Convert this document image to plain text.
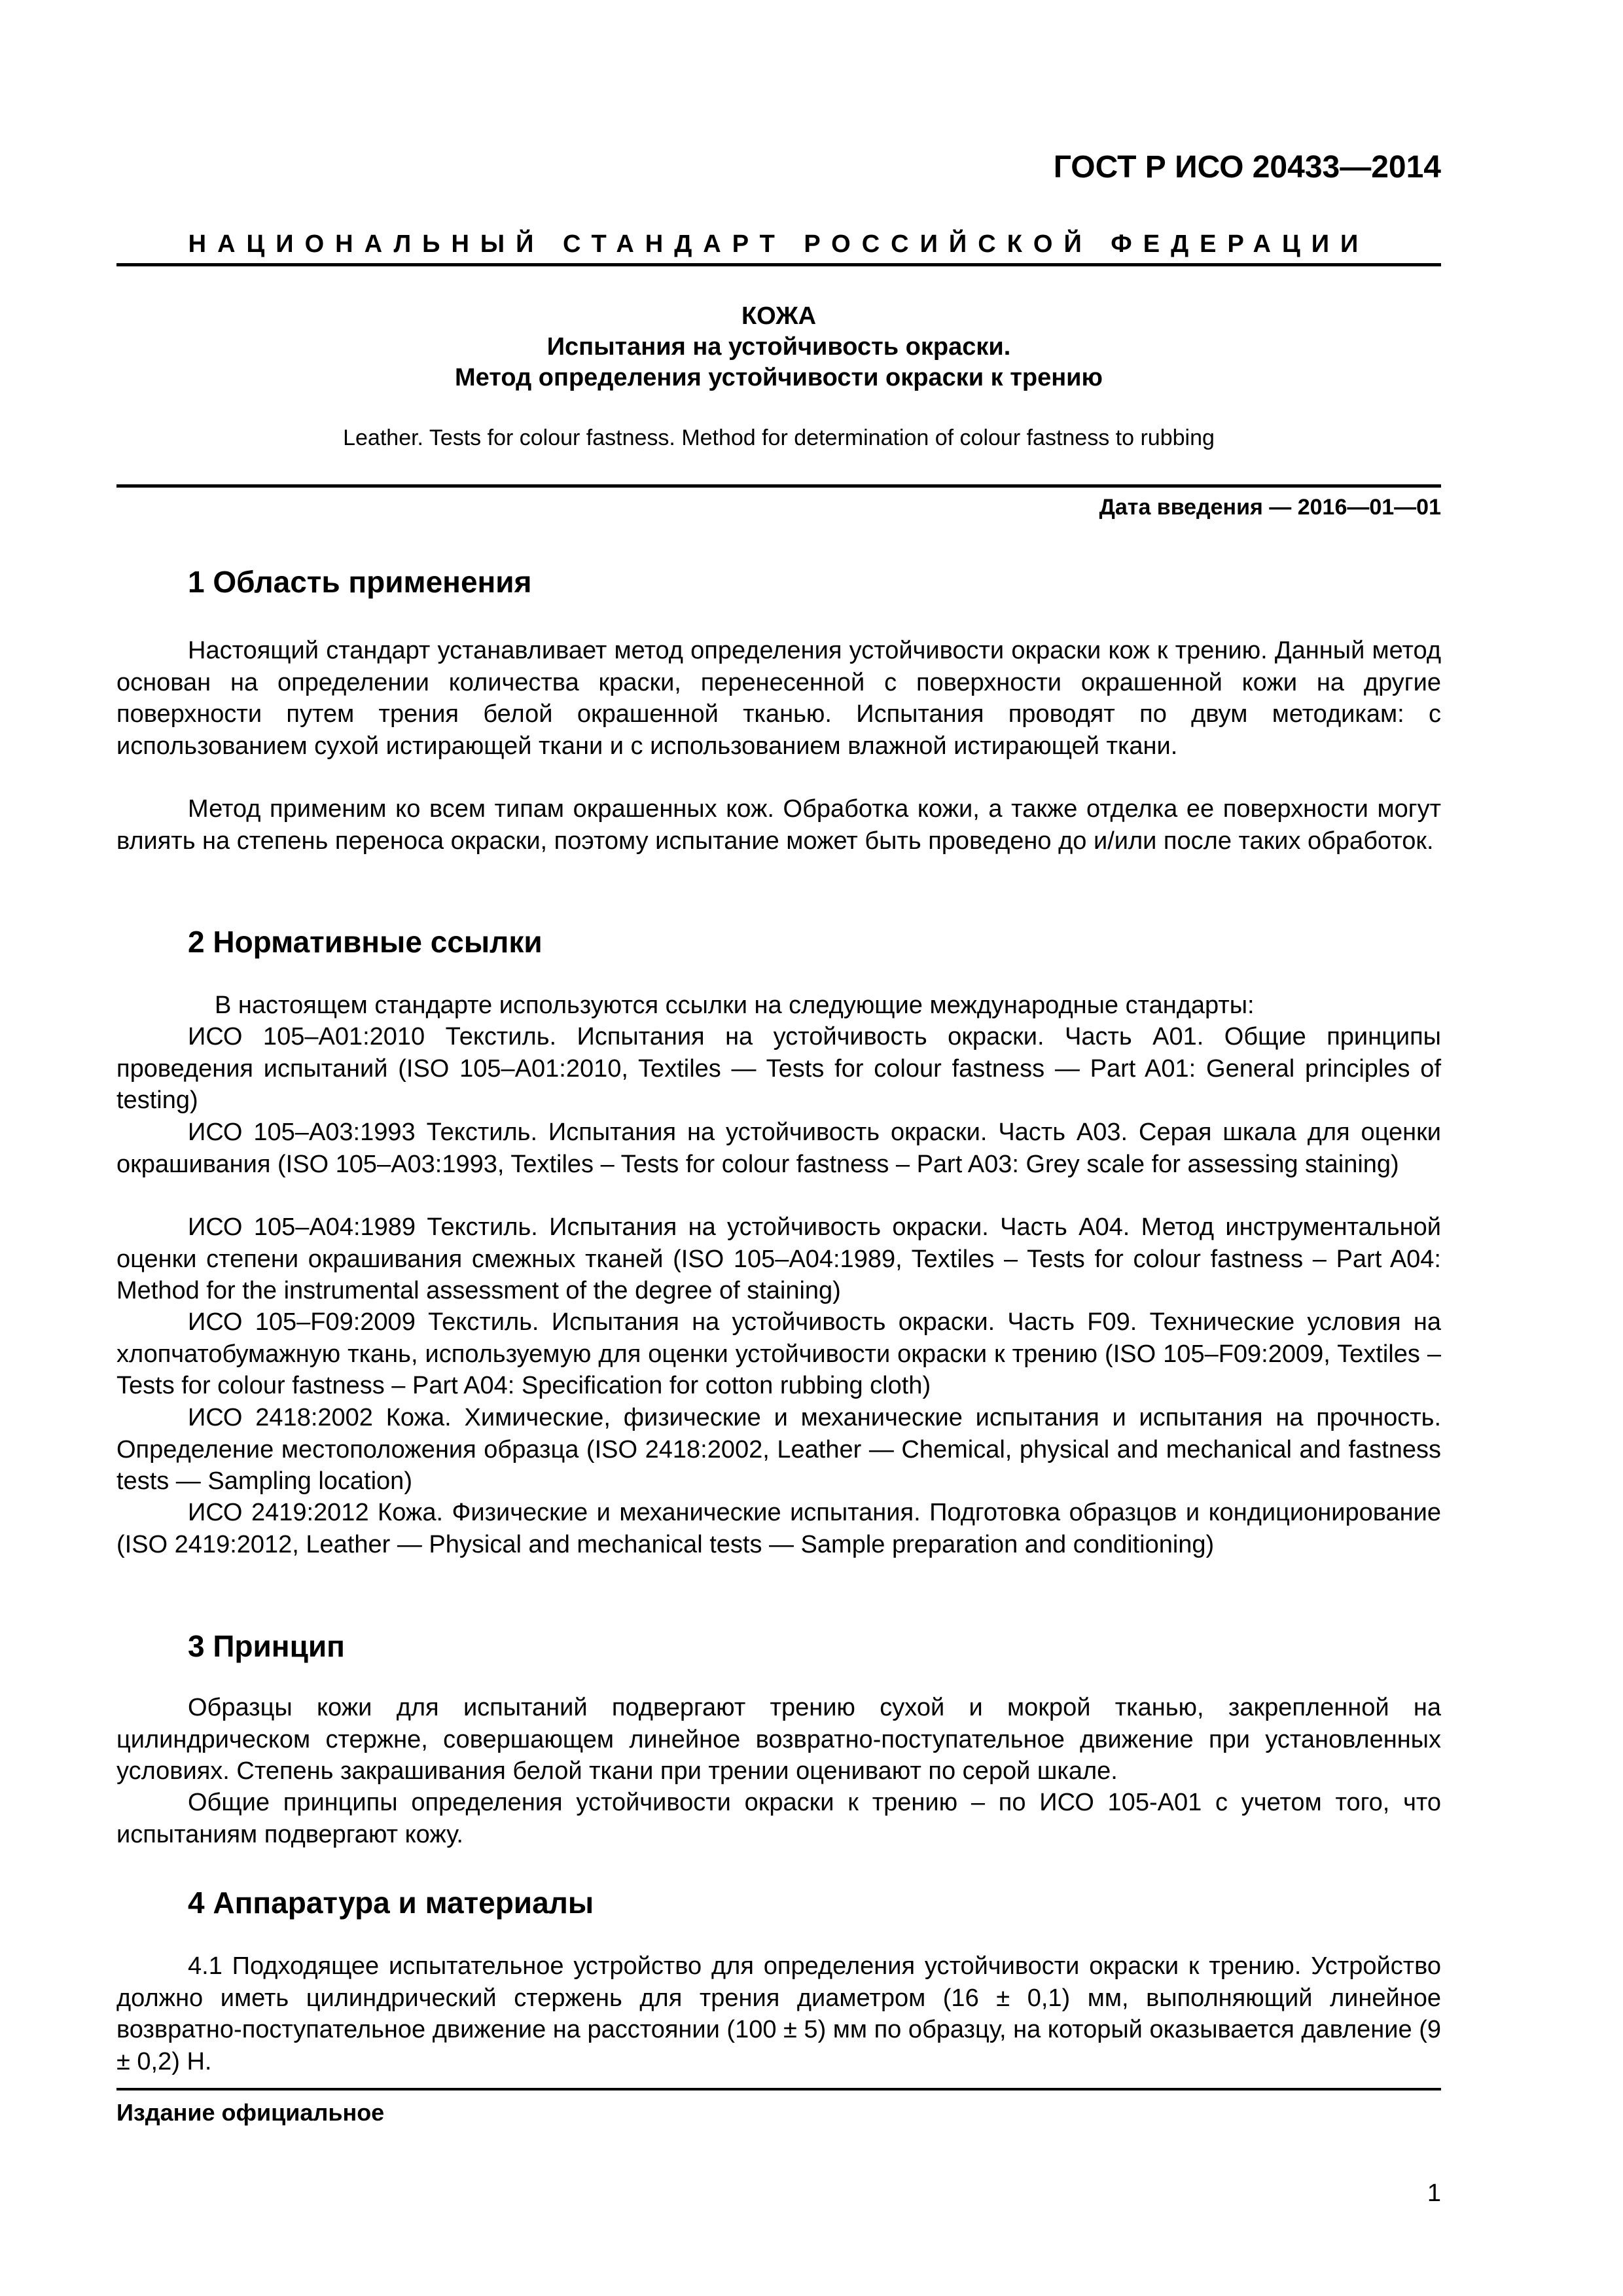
ГОСТ Р ИСО 20433—2014
НАЦИОНАЛЬНЫЙ СТАНДАРТ РОССИЙСКОЙ ФЕДЕРАЦИИ
КОЖА
Испытания на устойчивость окраски.
Метод определения устойчивости окраски к трению
Leather. Tests for colour fastness. Method for determination of colour fastness to rubbing
Дата введения — 2016—01—01
1 Область применения

Настоящий стандарт устанавливает метод определения устойчивости окраски кож к трению. Данный метод основан на определении количества краски, перенесенной с поверхности окрашенной кожи на другие поверхности путем трения белой окрашенной тканью. Испытания проводят по двум методикам: с использованием сухой истирающей ткани и с использованием влажной истирающей ткани.

Метод применим ко всем типам окрашенных кож. Обработка кожи, а также отделка ее поверхности могут влиять на степень переноса окраски, поэтому испытание может быть проведено до и/или после таких обработок.

2 Нормативные ссылки

В настоящем стандарте используются ссылки на следующие международные стандарты:

ИСО 105–А01:2010 Текстиль. Испытания на устойчивость окраски. Часть А01. Общие принципы проведения испытаний (ISO 105–A01:2010, Textiles — Tests for colour fastness — Part A01: General principles of testing)

ИСО 105–А03:1993 Текстиль. Испытания на устойчивость окраски. Часть А03. Серая шкала для оценки окрашивания (ISO 105–A03:1993, Textiles – Tests for colour fastness – Part A03: Grey scale for assessing staining)

ИСО 105–А04:1989 Текстиль. Испытания на устойчивость окраски. Часть А04. Метод инструментальной оценки степени окрашивания смежных тканей (ISO 105–A04:1989, Textiles – Tests for colour fastness – Part A04: Method for the instrumental assessment of the degree of staining)

ИСО 105–F09:2009 Текстиль. Испытания на устойчивость окраски. Часть F09. Технические условия на хлопчатобумажную ткань, используемую для оценки устойчивости окраски к трению (ISO 105–F09:2009, Textiles – Tests for colour fastness – Part A04: Specification for cotton rubbing cloth)

ИСО 2418:2002 Кожа. Химические, физические и механические испытания и испытания на прочность. Определение местоположения образца (ISO 2418:2002, Leather — Chemical, physical and mechanical and fastness tests — Sampling location)

ИСО 2419:2012 Кожа. Физические и механические испытания. Подготовка образцов и кондиционирование (ISO 2419:2012, Leather — Physical and mechanical tests — Sample preparation and conditioning)

3 Принцип

Образцы кожи для испытаний подвергают трению сухой и мокрой тканью, закрепленной на цилиндрическом стержне, совершающем линейное возвратно-поступательное движение при установленных условиях. Степень закрашивания белой ткани при трении оценивают по серой шкале.

Общие принципы определения устойчивости окраски к трению – по ИСО 105-А01 с учетом того, что испытаниям подвергают кожу.

4 Аппаратура и материалы

4.1 Подходящее испытательное устройство для определения устойчивости окраски к трению. Устройство должно иметь цилиндрический стержень для трения диаметром (16 ± 0,1) мм, выполняющий линейное возвратно-поступательное движение на расстоянии (100 ± 5) мм по образцу, на который оказывается давление (9 ± 0,2) Н.

Издание официальное
1
